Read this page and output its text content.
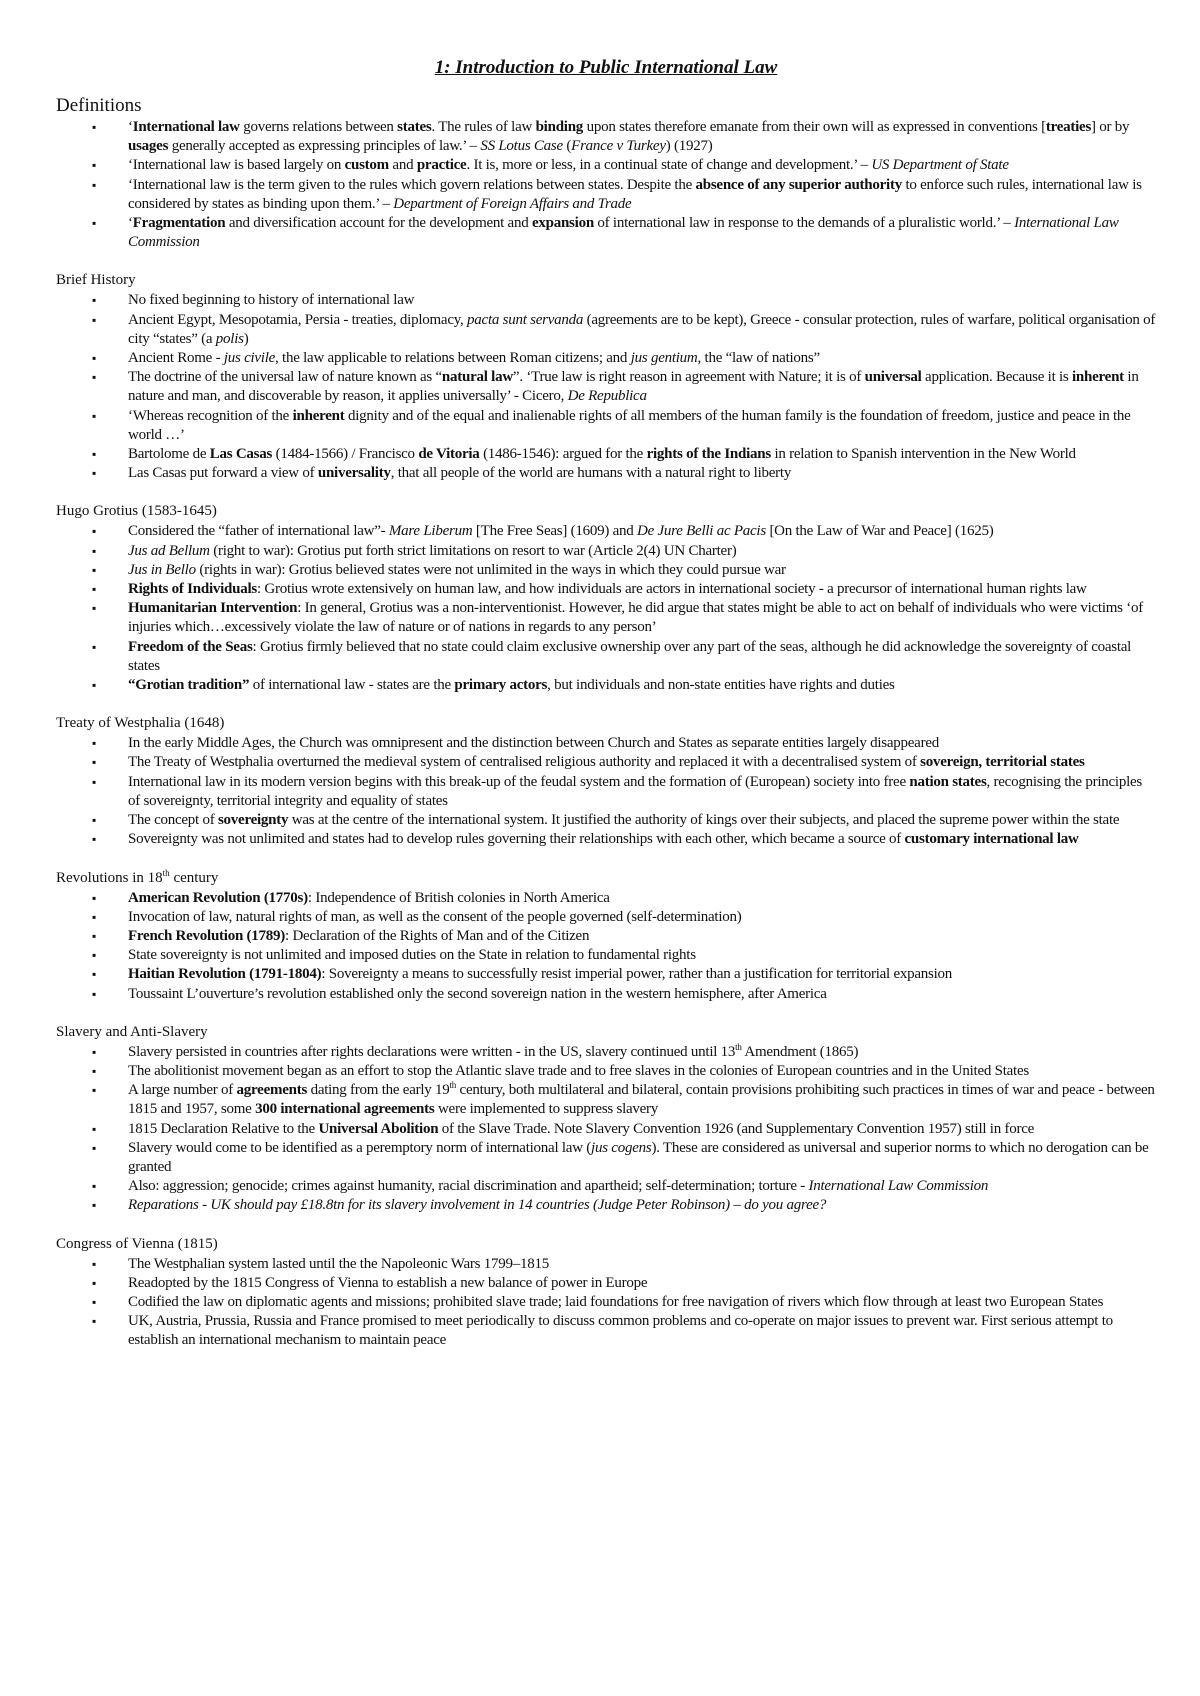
1: Introduction to Public International Law
Definitions
▪ ‘International law governs relations between states. The rules of law binding upon states therefore emanate from their own will as expressed in conventions [treaties] or by usages generally accepted as expressing principles of law.’ – SS Lotus Case (France v Turkey) (1927)
▪ ‘International law is based largely on custom and practice. It is, more or less, in a continual state of change and development.’ – US Department of State
▪ ‘International law is the term given to the rules which govern relations between states. Despite the absence of any superior authority to enforce such rules, international law is considered by states as binding upon them.’ – Department of Foreign Affairs and Trade
▪ ‘Fragmentation and diversification account for the development and expansion of international law in response to the demands of a pluralistic world.’ – International Law Commission
Brief History
▪ No fixed beginning to history of international law
▪ Ancient Egypt, Mesopotamia, Persia - treaties, diplomacy, pacta sunt servanda (agreements are to be kept), Greece - consular protection, rules of warfare, political organisation of city “states” (a polis)
▪ Ancient Rome - jus civile, the law applicable to relations between Roman citizens; and jus gentium, the “law of nations”
▪ The doctrine of the universal law of nature known as “natural law”. ‘True law is right reason in agreement with Nature; it is of universal application. Because it is inherent in nature and man, and discoverable by reason, it applies universally’ - Cicero, De Republica
▪ ‘Whereas recognition of the inherent dignity and of the equal and inalienable rights of all members of the human family is the foundation of freedom, justice and peace in the world …’
▪ Bartolome de Las Casas (1484-1566) / Francisco de Vitoria (1486-1546): argued for the rights of the Indians in relation to Spanish intervention in the New World
▪ Las Casas put forward a view of universality, that all people of the world are humans with a natural right to liberty
Hugo Grotius (1583-1645)
▪ Considered the “father of international law”- Mare Liberum [The Free Seas] (1609) and De Jure Belli ac Pacis [On the Law of War and Peace] (1625)
▪ Jus ad Bellum (right to war): Grotius put forth strict limitations on resort to war (Article 2(4) UN Charter)
▪ Jus in Bello (rights in war): Grotius believed states were not unlimited in the ways in which they could pursue war
▪ Rights of Individuals: Grotius wrote extensively on human law, and how individuals are actors in international society - a precursor of international human rights law
▪ Humanitarian Intervention: In general, Grotius was a non-interventionist. However, he did argue that states might be able to act on behalf of individuals who were victims ‘of injuries which…excessively violate the law of nature or of nations in regards to any person’
▪ Freedom of the Seas: Grotius firmly believed that no state could claim exclusive ownership over any part of the seas, although he did acknowledge the sovereignty of coastal states
▪ “Grotian tradition” of international law - states are the primary actors, but individuals and non-state entities have rights and duties
Treaty of Westphalia (1648)
▪ In the early Middle Ages, the Church was omnipresent and the distinction between Church and States as separate entities largely disappeared
▪ The Treaty of Westphalia overturned the medieval system of centralised religious authority and replaced it with a decentralised system of sovereign, territorial states
▪ International law in its modern version begins with this break-up of the feudal system and the formation of (European) society into free nation states, recognising the principles of sovereignty, territorial integrity and equality of states
▪ The concept of sovereignty was at the centre of the international system. It justified the authority of kings over their subjects, and placed the supreme power within the state
▪ Sovereignty was not unlimited and states had to develop rules governing their relationships with each other, which became a source of customary international law
Revolutions in 18th century
▪ American Revolution (1770s): Independence of British colonies in North America
▪ Invocation of law, natural rights of man, as well as the consent of the people governed (self-determination)
▪ French Revolution (1789): Declaration of the Rights of Man and of the Citizen
▪ State sovereignty is not unlimited and imposed duties on the State in relation to fundamental rights
▪ Haitian Revolution (1791-1804): Sovereignty a means to successfully resist imperial power, rather than a justification for territorial expansion
▪ Toussaint L’ouverture’s revolution established only the second sovereign nation in the western hemisphere, after America
Slavery and Anti-Slavery
▪ Slavery persisted in countries after rights declarations were written - in the US, slavery continued until 13th Amendment (1865)
▪ The abolitionist movement began as an effort to stop the Atlantic slave trade and to free slaves in the colonies of European countries and in the United States
▪ A large number of agreements dating from the early 19th century, both multilateral and bilateral, contain provisions prohibiting such practices in times of war and peace - between 1815 and 1957, some 300 international agreements were implemented to suppress slavery
▪ 1815 Declaration Relative to the Universal Abolition of the Slave Trade. Note Slavery Convention 1926 (and Supplementary Convention 1957) still in force
▪ Slavery would come to be identified as a peremptory norm of international law (jus cogens). These are considered as universal and superior norms to which no derogation can be granted
▪ Also: aggression; genocide; crimes against humanity, racial discrimination and apartheid; self-determination; torture - International Law Commission
▪ Reparations - UK should pay £18.8tn for its slavery involvement in 14 countries (Judge Peter Robinson) – do you agree?
Congress of Vienna (1815)
▪ The Westphalian system lasted until the the Napoleonic Wars 1799–1815
▪ Readopted by the 1815 Congress of Vienna to establish a new balance of power in Europe
▪ Codified the law on diplomatic agents and missions; prohibited slave trade; laid foundations for free navigation of rivers which flow through at least two European States
▪ UK, Austria, Prussia, Russia and France promised to meet periodically to discuss common problems and co-operate on major issues to prevent war. First serious attempt to establish an international mechanism to maintain peace
